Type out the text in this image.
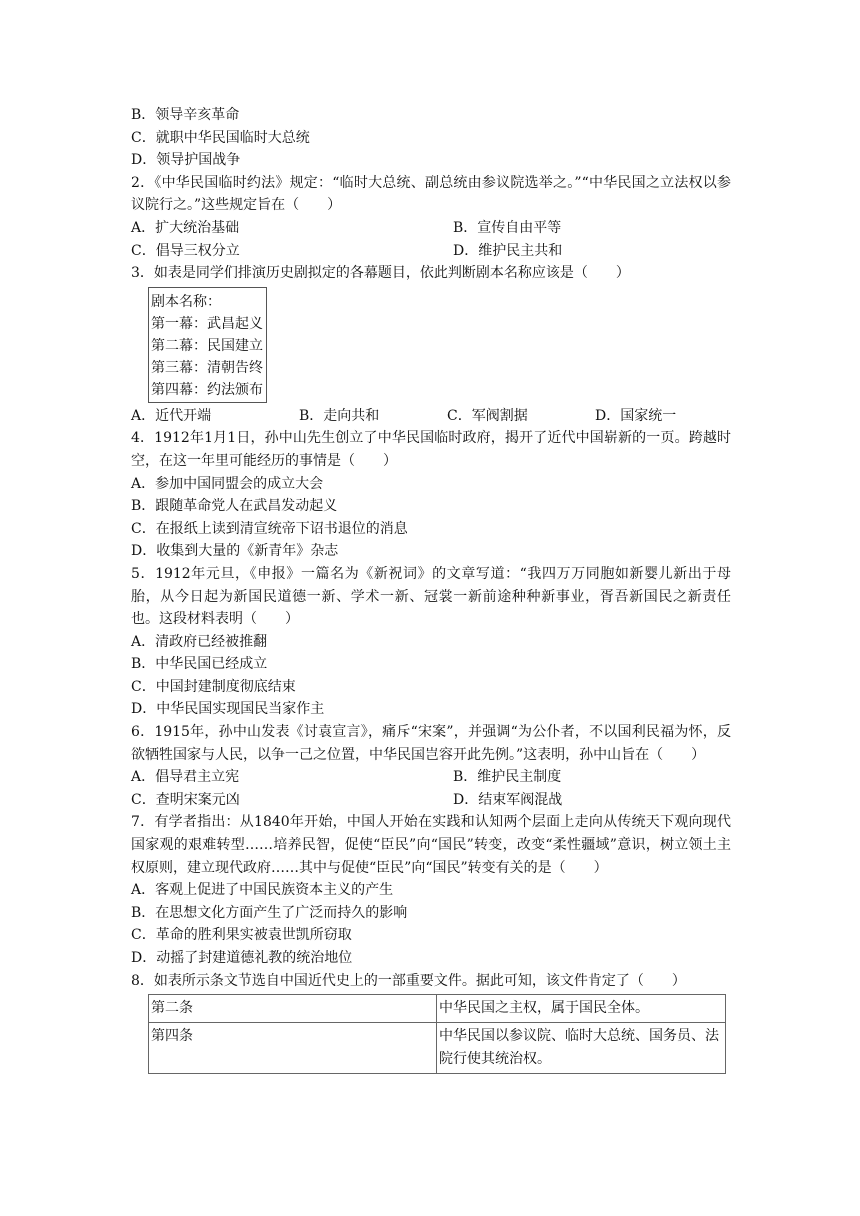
B．领导辛亥革命
C．就职中华民国临时大总统
D．领导护国战争
2．《中华民国临时约法》规定：“临时大总统、副总统由参议院选举之。”“中华民国之立法权以参议院行之。”这些规定旨在（　　）
A．扩大统治基础	B．宣传自由平等
C．倡导三权分立	D．维护民主共和
3．如表是同学们排演历史剧拟定的各幕题目，依此判断剧本名称应该是（　　）
剧本名称：
第一幕：武昌起义
第二幕：民国建立
第三幕：清朝告终
第四幕：约法颁布
A．近代开端	B．走向共和	C．军阀割据	D．国家统一
4．1912年1月1日，孙中山先生创立了中华民国临时政府，揭开了近代中国崭新的一页。跨越时空，在这一年里可能经历的事情是（　　）
A．参加中国同盟会的成立大会
B．跟随革命党人在武昌发动起义
C．在报纸上读到清宣统帝下诏书退位的消息
D．收集到大量的《新青年》杂志
5．1912年元旦，《申报》一篇名为《新祝词》的文章写道：“我四万万同胞如新婴儿新出于母胎，从今日起为新国民道德一新、学术一新、冠裳一新前途种种新事业，胥吾新国民之新责任也。这段材料表明（　　）
A．清政府已经被推翻
B．中华民国已经成立
C．中国封建制度彻底结束
D．中华民国实现国民当家作主
6．1915年，孙中山发表《讨袁宣言》，痛斥“宋案”，并强调“为公仆者，不以国利民福为怀，反欲牺牲国家与人民，以争一己之位置，中华民国岂容开此先例。”这表明，孙中山旨在（　　）
A．倡导君主立宪	B．维护民主制度
C．查明宋案元凶	D．结束军阀混战
7．有学者指出：从1840年开始，中国人开始在实践和认知两个层面上走向从传统天下观向现代国家观的艰难转型……培养民智，促使“臣民”向“国民”转变，改变“柔性疆域”意识，树立领土主权原则，建立现代政府……其中与促使“臣民”向“国民”转变有关的是（　　）
A．客观上促进了中国民族资本主义的产生
B．在思想文化方面产生了广泛而持久的影响
C．革命的胜利果实被袁世凯所窃取
D．动摇了封建道德礼教的统治地位
8．如表所示条文节选自中国近代史上的一部重要文件。据此可知，该文件肯定了（　　）
第二条	中华民国之主权，属于国民全体。
第四条	中华民国以参议院、临时大总统、国务员、法院行使其统治权。
